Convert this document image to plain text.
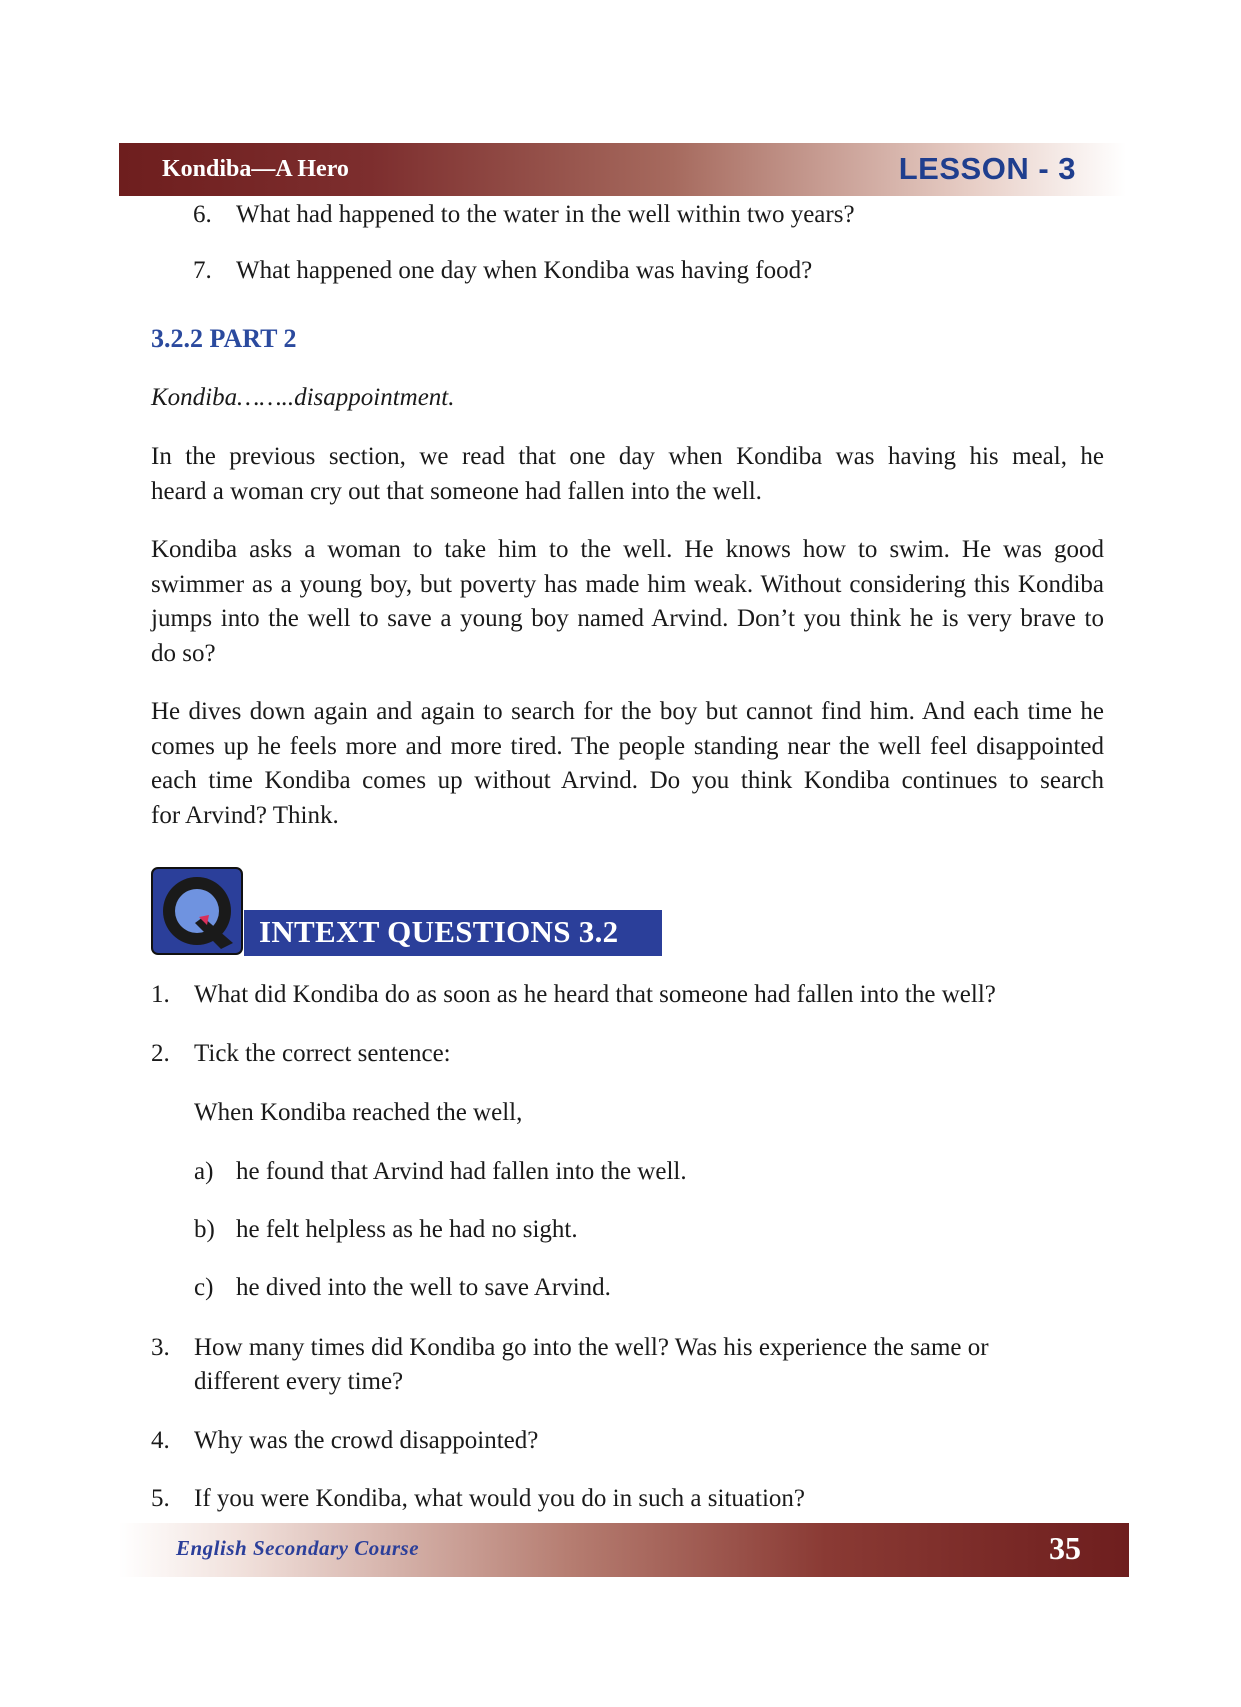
Kondiba—A Hero	LESSON - 3
6. What had happened to the water in the well within two years?
7. What happened one day when Kondiba was having food?
3.2.2 PART 2
Kondiba……..disappointment.

In the previous section, we read that one day when Kondiba was having his meal, he
heard a woman cry out that someone had fallen into the well.

Kondiba asks a woman to take him to the well. He knows how to swim. He was good
swimmer as a young boy, but poverty has made him weak. Without considering this Kondiba
jumps into the well to save a young boy named Arvind. Don’t you think he is very brave to
do so?

He dives down again and again to search for the boy but cannot find him. And each time he
comes up he feels more and more tired. The people standing near the well feel disappointed
each time Kondiba comes up without Arvind. Do you think Kondiba continues to search
for Arvind? Think.

INTEXT QUESTIONS 3.2
1. What did Kondiba do as soon as he heard that someone had fallen into the well?
2. Tick the correct sentence:
When Kondiba reached the well,
a) he found that Arvind had fallen into the well.
b) he felt helpless as he had no sight.
c) he dived into the well to save Arvind.
3. How many times did Kondiba go into the well? Was his experience the same or
different every time?
4. Why was the crowd disappointed?
5. If you were Kondiba, what would you do in such a situation?
English Secondary Course	35
